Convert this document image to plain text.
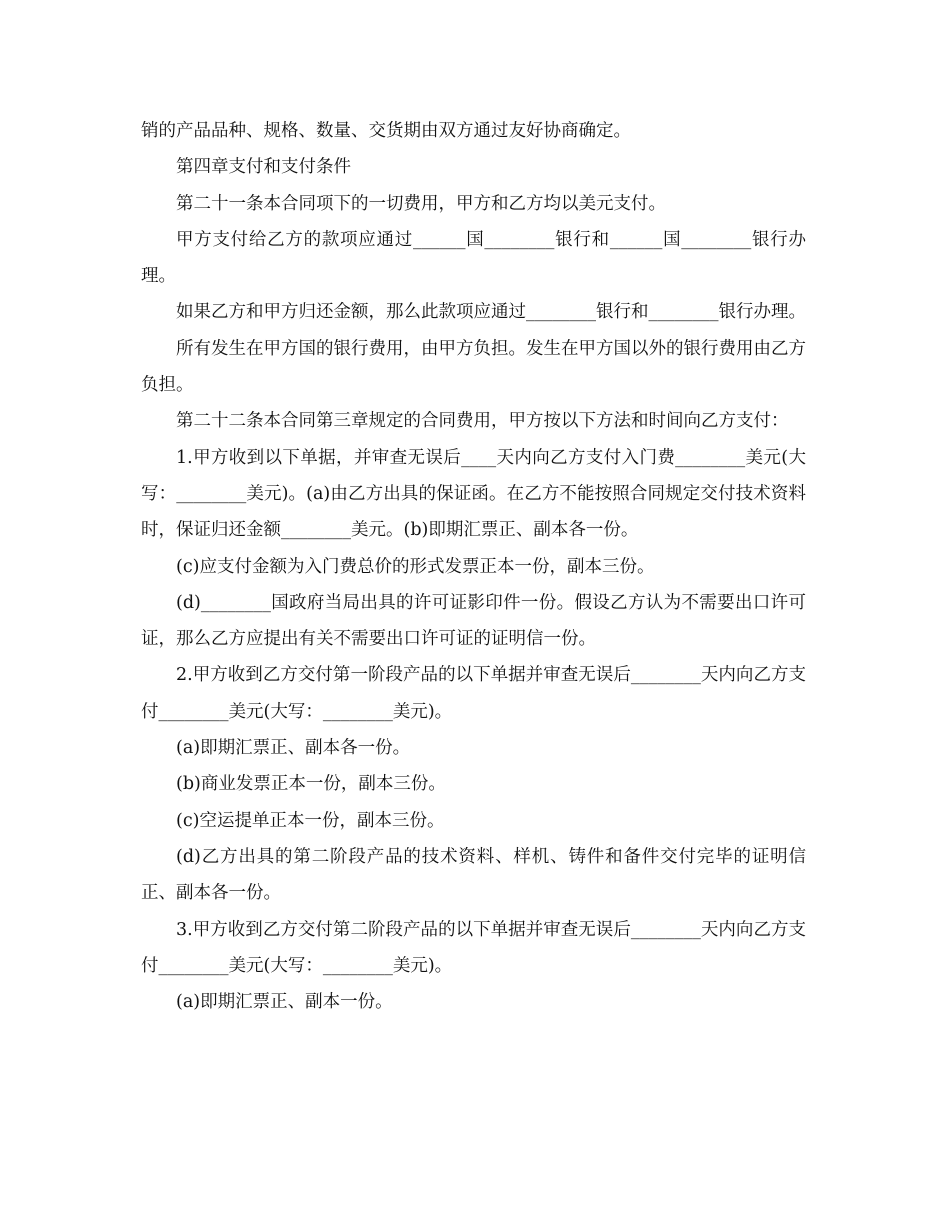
销的产品品种、规格、数量、交货期由双方通过友好协商确定。

第四章支付和支付条件

第二十一条本合同项下的一切费用，甲方和乙方均以美元支付。

甲方支付给乙方的款项应通过______国________银行和______国________银行办理。

如果乙方和甲方归还金额，那么此款项应通过________银行和________银行办理。

所有发生在甲方国的银行费用，由甲方负担。发生在甲方国以外的银行费用由乙方负担。

第二十二条本合同第三章规定的合同费用，甲方按以下方法和时间向乙方支付：

1.甲方收到以下单据，并审查无误后____天内向乙方支付入门费________美元(大写：________美元)。(a)由乙方出具的保证函。在乙方不能按照合同规定交付技术资料时，保证归还金额________美元。(b)即期汇票正、副本各一份。

(c)应支付金额为入门费总价的形式发票正本一份，副本三份。

(d)________国政府当局出具的许可证影印件一份。假设乙方认为不需要出口许可证，那么乙方应提出有关不需要出口许可证的证明信一份。

2.甲方收到乙方交付第一阶段产品的以下单据并审查无误后________天内向乙方支付________美元(大写：________美元)。

(a)即期汇票正、副本各一份。

(b)商业发票正本一份，副本三份。

(c)空运提单正本一份，副本三份。

(d)乙方出具的第二阶段产品的技术资料、样机、铸件和备件交付完毕的证明信正、副本各一份。

3.甲方收到乙方交付第二阶段产品的以下单据并审查无误后________天内向乙方支付________美元(大写：________美元)。

(a)即期汇票正、副本一份。
